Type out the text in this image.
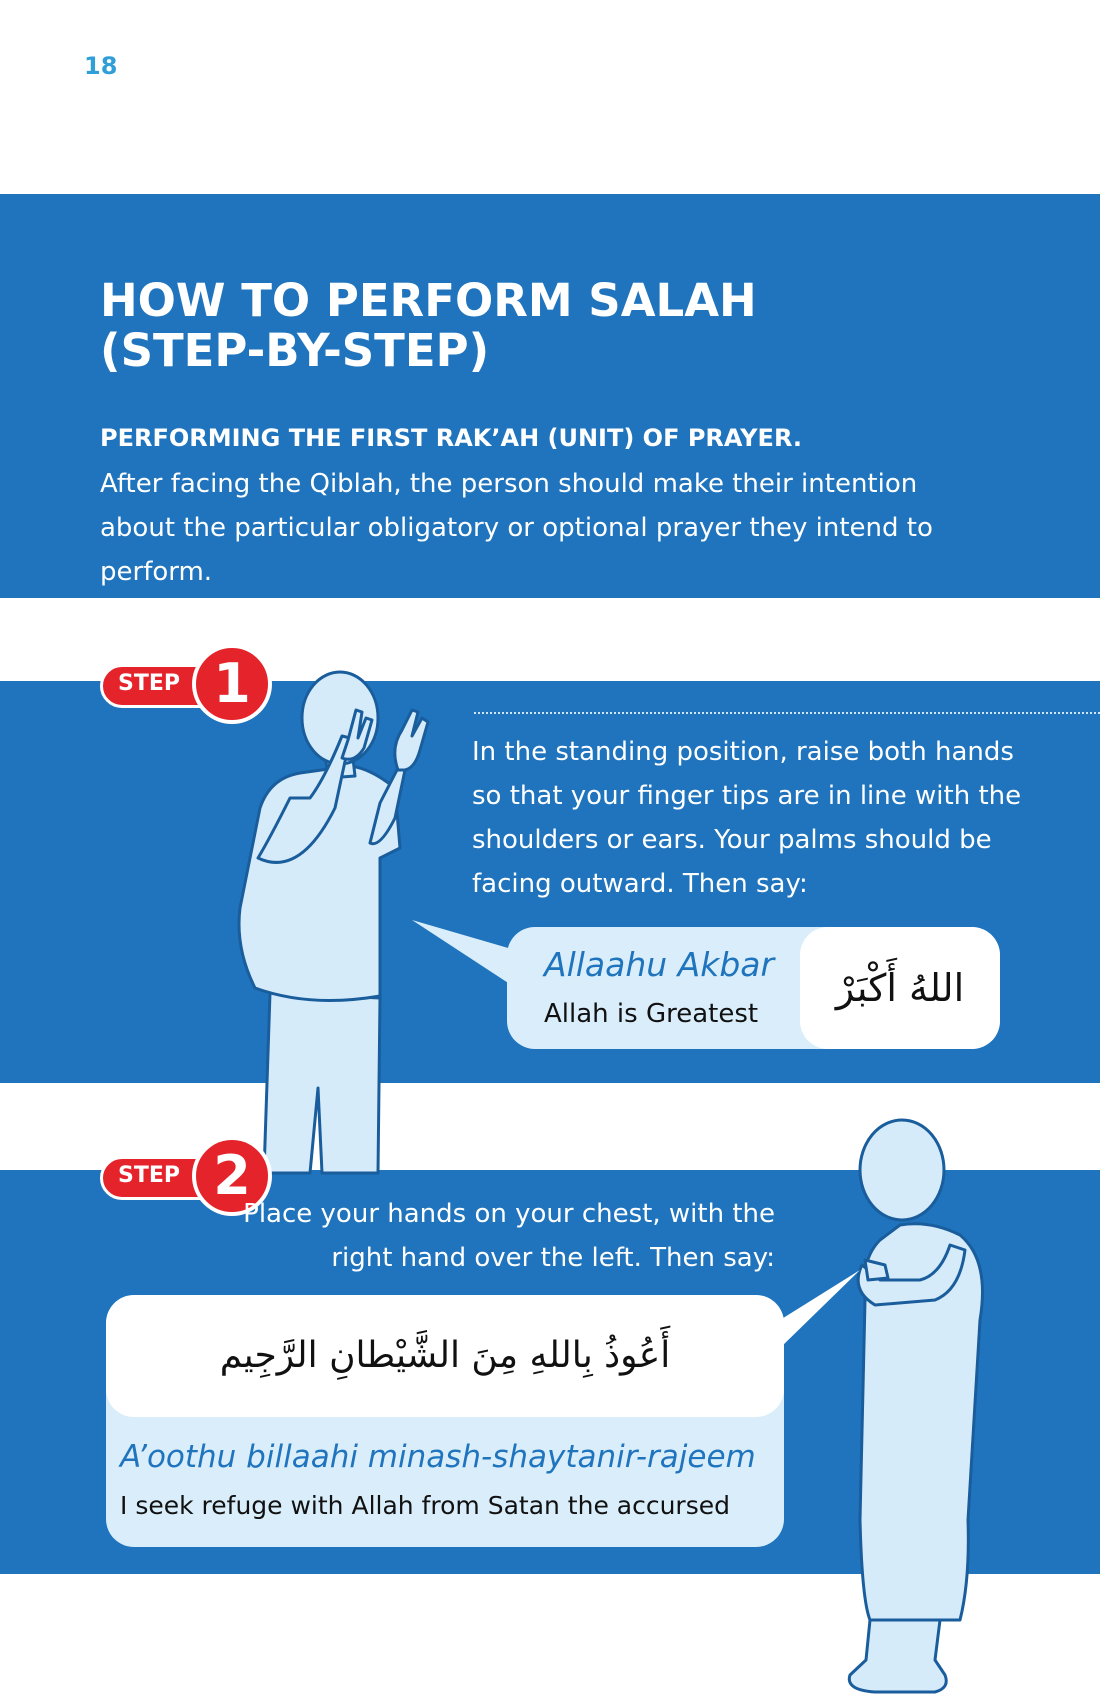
18
HOW TO PERFORM SALAH
(STEP-BY-STEP)

PERFORMING THE FIRST RAK’AH (UNIT) OF PRAYER.

After facing the Qiblah, the person should make their intention about the particular obligatory or optional prayer they intend to perform.

STEP 1

In the standing position, raise both hands so that your finger tips are in line with the shoulders or ears. Your palms should be facing outward. Then say:

اللهُ أَكْبَرْ
Allaahu Akbar
Allah is Greatest
STEP 2

Place your hands on your chest, with the right hand over the left. Then say:

أَعُوذُ بِاللهِ مِنَ الشَّيْطانِ الرَّجِيم
A’oothu billaahi minash-shaytanir-rajeem
I seek refuge with Allah from Satan the accursed
